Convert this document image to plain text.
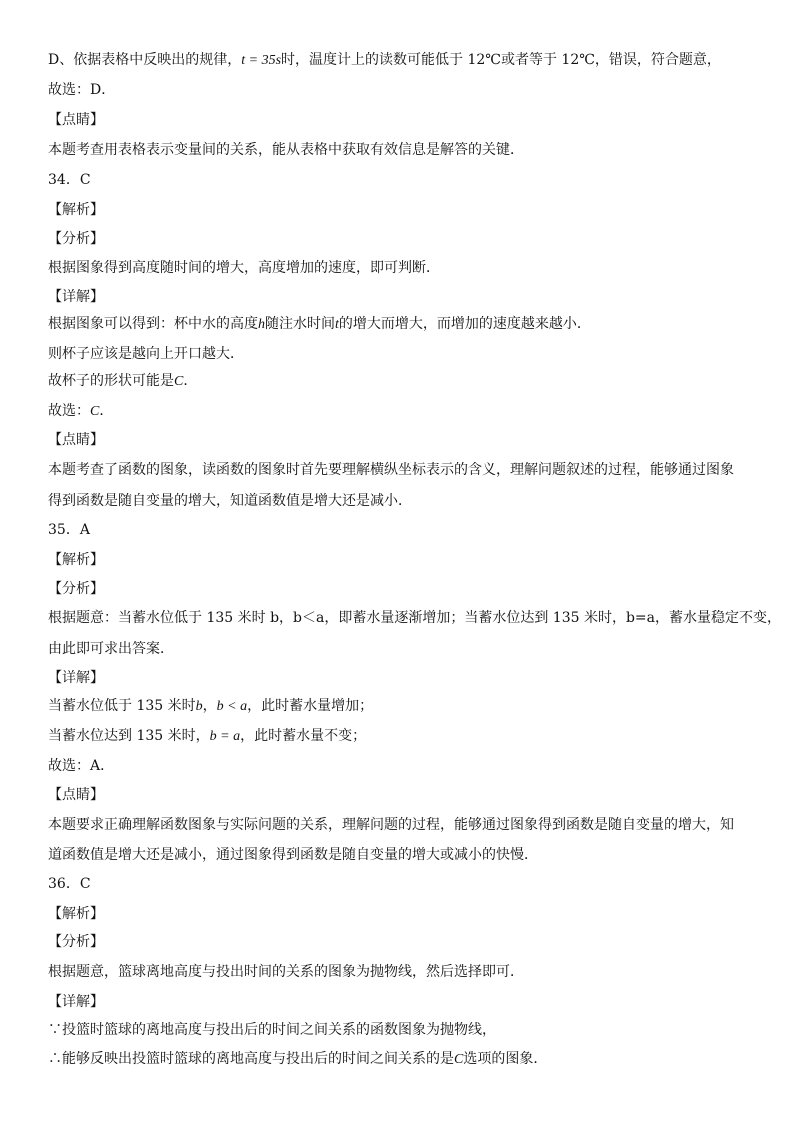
D、依据表格中反映出的规律，t = 35s时，温度计上的读数可能低于 12℃或者等于 12℃，错误，符合题意，
故选：D．
【点睛】
本题考查用表格表示变量间的关系，能从表格中获取有效信息是解答的关键．
34．C
【解析】
【分析】
根据图象得到高度随时间的增大，高度增加的速度，即可判断．
【详解】
根据图象可以得到：杯中水的高度h随注水时间t的增大而增大，而增加的速度越来越小．
则杯子应该是越向上开口越大．
故杯子的形状可能是C．
故选：C．
【点睛】
本题考查了函数的图象，读函数的图象时首先要理解横纵坐标表示的含义，理解问题叙述的过程，能够通过图象
得到函数是随自变量的增大，知道函数值是增大还是减小．
35．A
【解析】
【分析】
根据题意：当蓄水位低于 135 米时 b，b＜a，即蓄水量逐渐增加；当蓄水位达到 135 米时，b=a，蓄水量稳定不变，
由此即可求出答案．
【详解】
当蓄水位低于 135 米时b，b < a，此时蓄水量增加；
当蓄水位达到 135 米时，b = a，此时蓄水量不变；
故选：A．
【点睛】
本题要求正确理解函数图象与实际问题的关系，理解问题的过程，能够通过图象得到函数是随自变量的增大，知
道函数值是增大还是减小，通过图象得到函数是随自变量的增大或减小的快慢．
36．C
【解析】
【分析】
根据题意，篮球离地高度与投出时间的关系的图象为抛物线，然后选择即可．
【详解】
∵投篮时篮球的离地高度与投出后的时间之间关系的函数图象为抛物线，
∴能够反映出投篮时篮球的离地高度与投出后的时间之间关系的是C选项的图象．
